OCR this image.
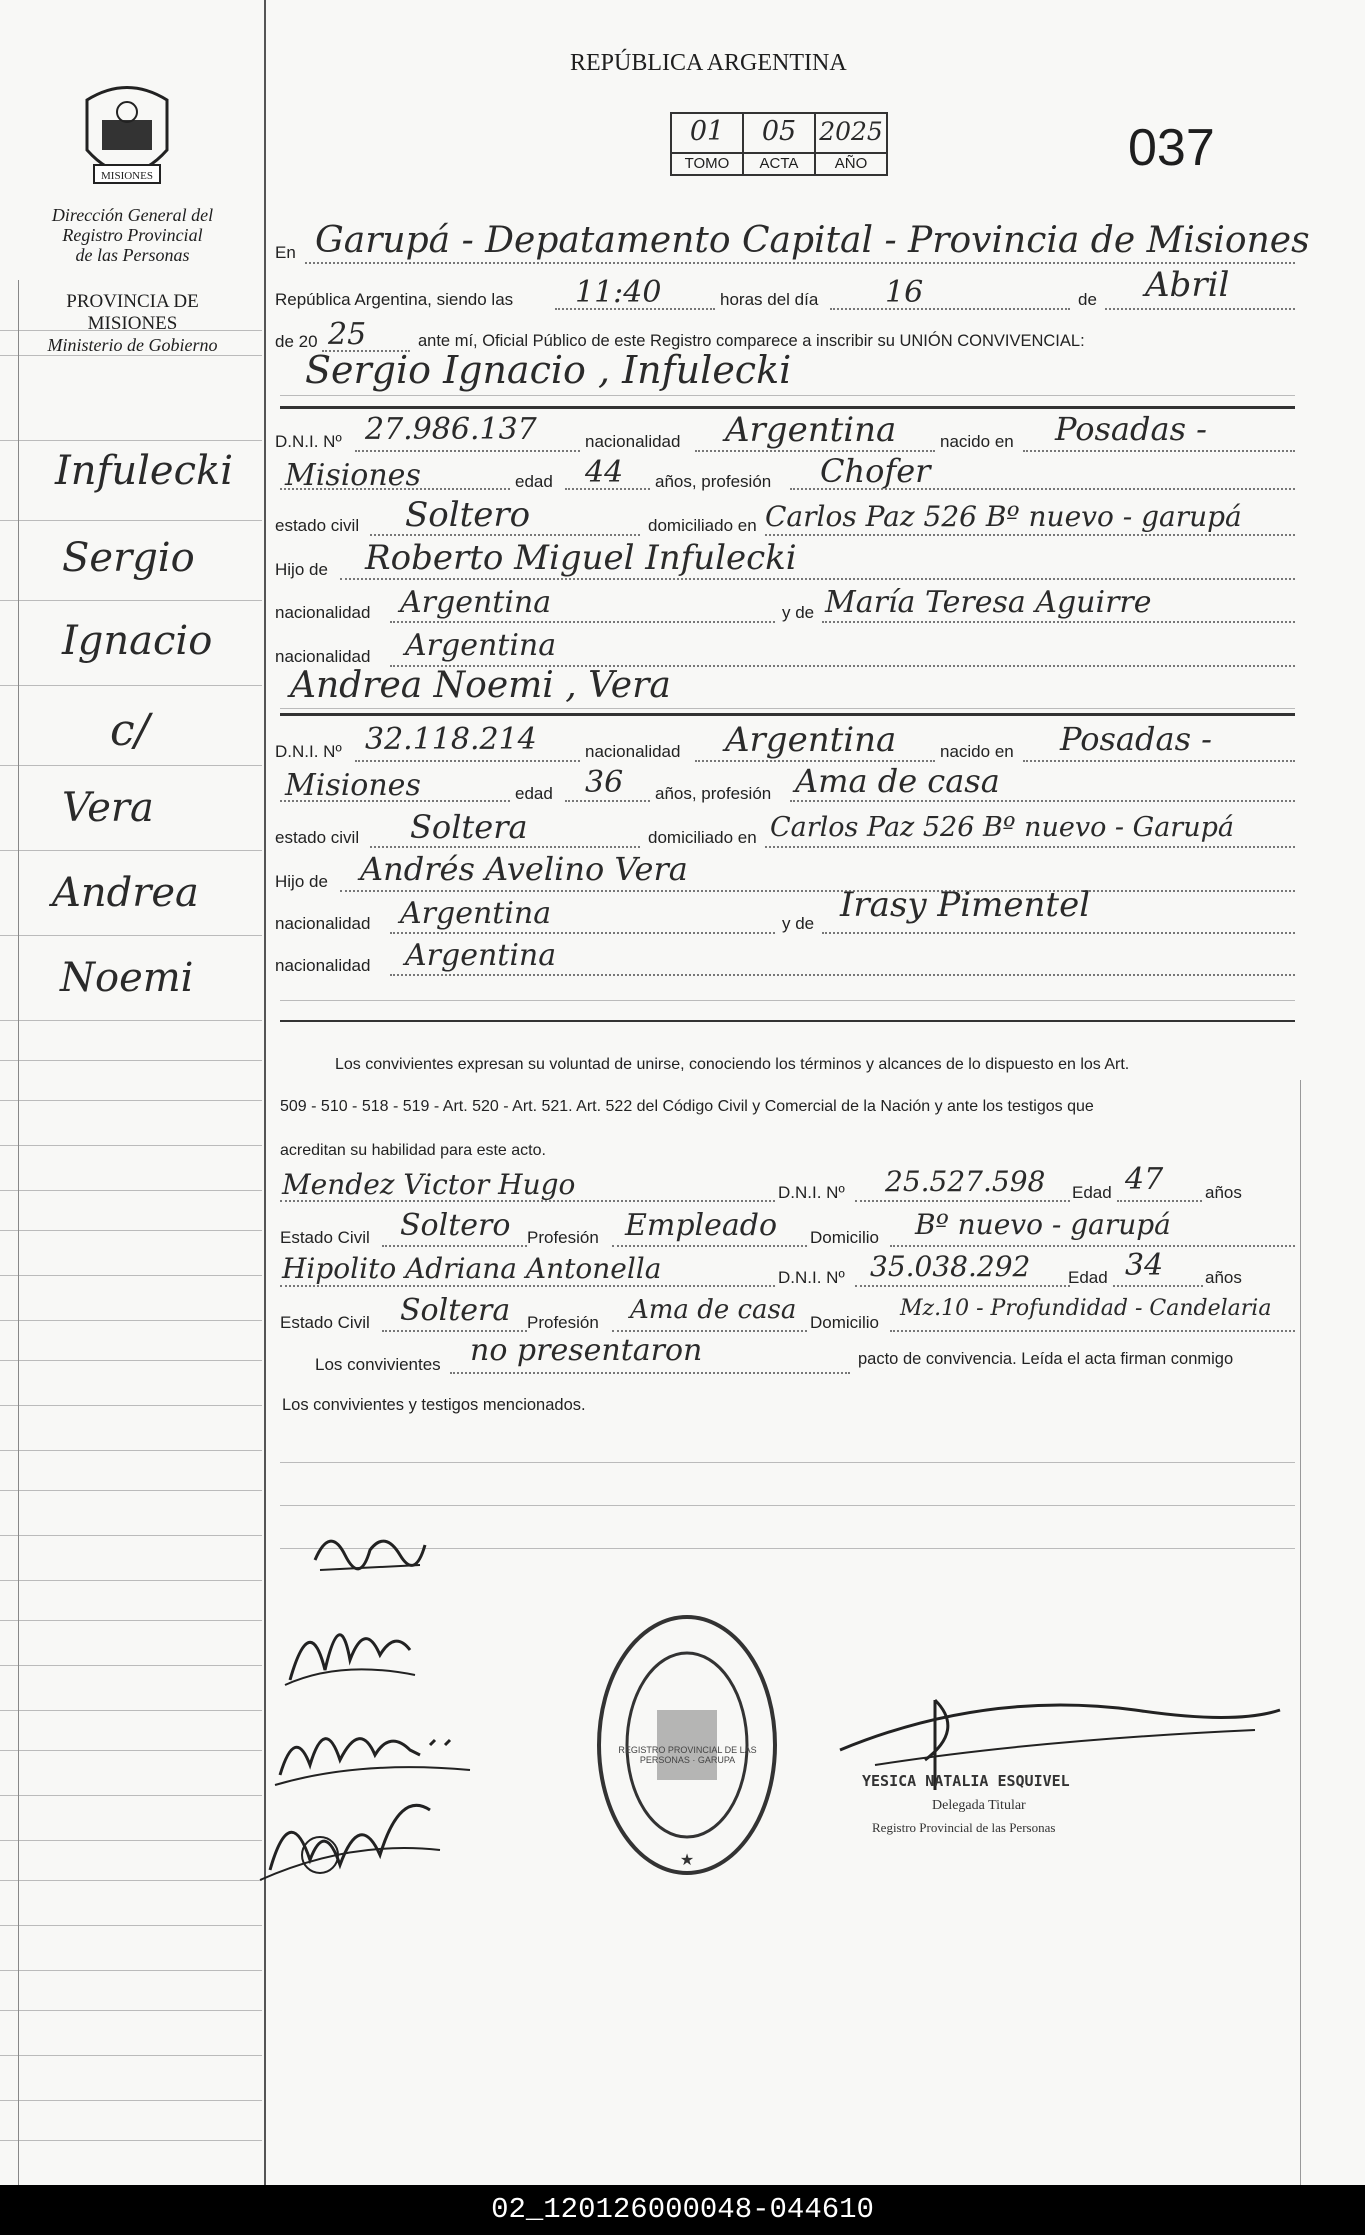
MISIONES
Dirección General del
Registro Provincial
de las Personas
PROVINCIA DE
MISIONES
Ministerio de Gobierno
Infulecki
Sergio
Ignacio
c/
Vera
Andrea
Noemi
REPÚBLICA ARGENTINA
01	05 2025
TOMO	ACTA	AÑO	037
En Garupá - Depatamento Capital - Provincia de Misiones
República Argentina, siendo las 11:40	horas del día 16	de Abril
de 20 25	ante mí, Oficial Público de este Registro comparece a inscribir su UNIÓN CONVIVENCIAL:
Sergio Ignacio , Infulecki
D.N.I. Nº 27.986.137	nacionalidad Argentina	nacido en Posadas -
Misiones	edad 44 años, profesión Chofer
estado civil Soltero	domiciliado en Carlos Paz 526 Bº nuevo - garupá
Hijo de Roberto Miguel Infulecki
nacionalidad Argentina	y de María Teresa Aguirre
nacionalidad Argentina
Andrea Noemi , Vera
D.N.I. Nº 32.118.214	nacionalidad Argentina	nacido en Posadas -
Misiones	edad 36 años, profesión Ama de casa
estado civil Soltera	domiciliado en Carlos Paz 526 Bº nuevo - Garupá
Hijo de Andrés Avelino Vera
nacionalidad Argentina	y de Irasy Pimentel
nacionalidad Argentina
Los convivientes expresan su voluntad de unirse, conociendo los términos y alcances de lo dispuesto en los Art.
509 - 510 - 518 - 519 - Art. 520 - Art. 521. Art. 522 del Código Civil y Comercial de la Nación y ante los testigos que
acreditan su habilidad para este acto.
Mendez Victor Hugo	D.N.I. Nº 25.527.598 Edad 47 años
Estado Civil Soltero Profesión Empleado Domicilio Bº nuevo - garupá
Hipolito Adriana Antonella	D.N.I. Nº 35.038.292 Edad 34 años
Estado Civil Soltera Profesión Ama de casa Domicilio
Mz.10 - Profundidad - Candelaria
Los convivientes no presentaron	pacto de convivencia. Leída el acta firman conmigo
Los convivientes y testigos mencionados.
★
REGISTRO PROVINCIAL DE LAS PERSONAS · GARUPA
YESICA NATALIA ESQUIVEL
Delegada Titular
Registro Provincial de las Personas
02_120126000048-044610
